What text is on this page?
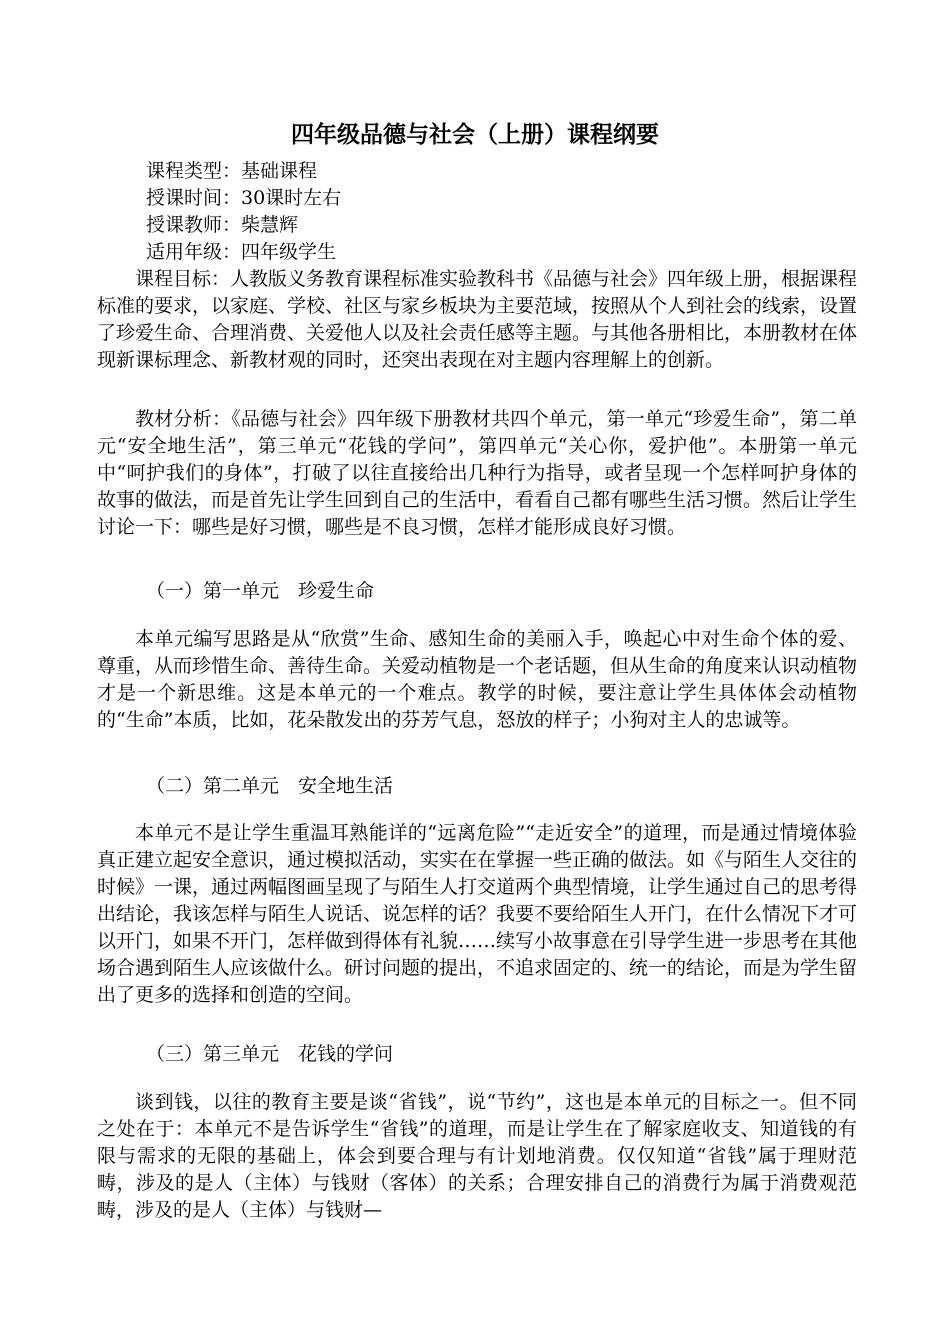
四年级品德与社会（上册）课程纲要
课程类型：基础课程
授课时间：30课时左右
授课教师：柴慧辉
适用年级：四年级学生

课程目标：人教版义务教育课程标准实验教科书《品德与社会》四年级上册，根据课程标准的要求，以家庭、学校、社区与家乡板块为主要范域，按照从个人到社会的线索，设置了珍爱生命、合理消费、关爱他人以及社会责任感等主题。与其他各册相比，本册教材在体现新课标理念、新教材观的同时，还突出表现在对主题内容理解上的创新。

教材分析：《品德与社会》四年级下册教材共四个单元，第一单元“珍爱生命”，第二单元“安全地生活”，第三单元“花钱的学问”，第四单元“关心你，爱护他”。本册第一单元中“呵护我们的身体”，打破了以往直接给出几种行为指导，或者呈现一个怎样呵护身体的故事的做法，而是首先让学生回到自己的生活中，看看自己都有哪些生活习惯。然后让学生讨论一下：哪些是好习惯，哪些是不良习惯，怎样才能形成良好习惯。

（一）第一单元　珍爱生命

本单元编写思路是从“欣赏”生命、感知生命的美丽入手，唤起心中对生命个体的爱、尊重，从而珍惜生命、善待生命。关爱动植物是一个老话题，但从生命的角度来认识动植物才是一个新思维。这是本单元的一个难点。教学的时候，要注意让学生具体体会动植物的“生命”本质，比如，花朵散发出的芬芳气息，怒放的样子；小狗对主人的忠诚等。

（二）第二单元　安全地生活

本单元不是让学生重温耳熟能详的“远离危险”“走近安全”的道理，而是通过情境体验真正建立起安全意识，通过模拟活动，实实在在掌握一些正确的做法。如《与陌生人交往的时候》一课，通过两幅图画呈现了与陌生人打交道两个典型情境，让学生通过自己的思考得出结论，我该怎样与陌生人说话、说怎样的话？我要不要给陌生人开门，在什么情况下才可以开门，如果不开门，怎样做到得体有礼貌……续写小故事意在引导学生进一步思考在其他场合遇到陌生人应该做什么。研讨问题的提出，不追求固定的、统一的结论，而是为学生留出了更多的选择和创造的空间。

（三）第三单元　花钱的学问

谈到钱，以往的教育主要是谈“省钱”，说“节约”，这也是本单元的目标之一。但不同之处在于：本单元不是告诉学生“省钱”的道理，而是让学生在了解家庭收支、知道钱的有限与需求的无限的基础上，体会到要合理与有计划地消费。仅仅知道“省钱”属于理财范畴，涉及的是人（主体）与钱财（客体）的关系；合理安排自己的消费行为属于消费观范畴，涉及的是人（主体）与钱财—
